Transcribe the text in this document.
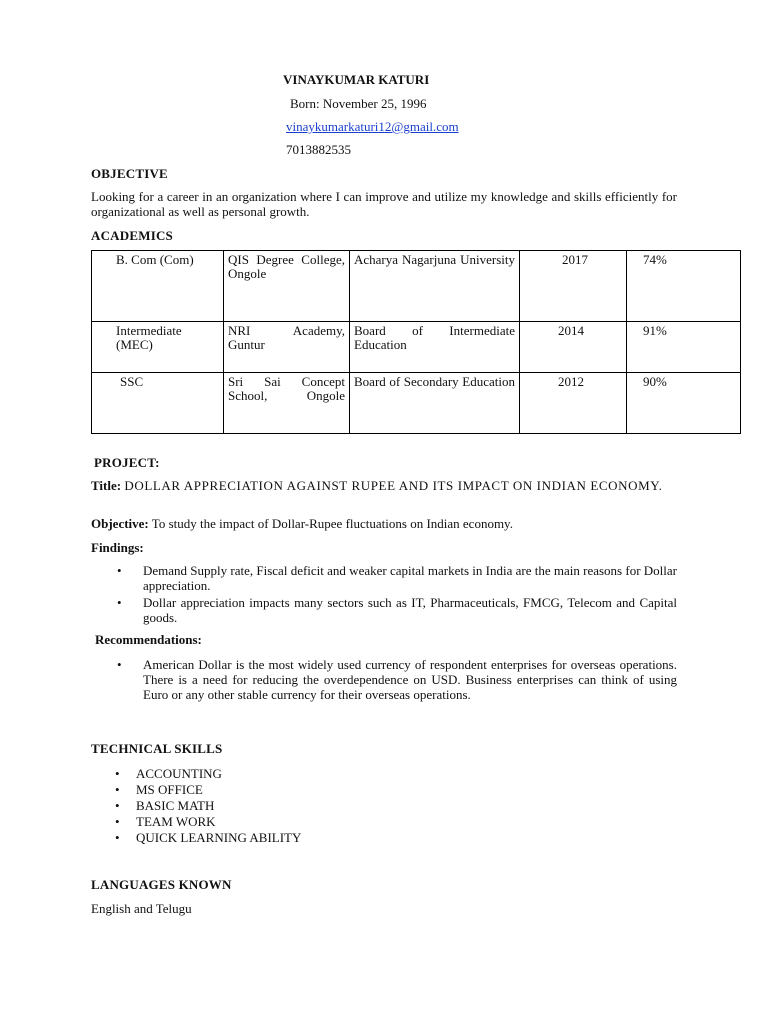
VINAYKUMAR KATURI
Born: November 25, 1996
vinaykumarkaturi12@gmail.com
7013882535
OBJECTIVE
Looking for a career in an organization where I can improve and utilize my knowledge and skills efficiently for organizational as well as personal growth.
ACADEMICS
B. Com (Com)	QIS Degree College, Ongole	Acharya Nagarjuna University	2017	74%
Intermediate (MEC)	NRI Academy, Guntur	Board of Intermediate Education	2014	91%
SSC	Sri Sai Concept School, Ongole	Board of Secondary Education	2012	90%
PROJECT:
Title: DOLLAR APPRECIATION AGAINST RUPEE AND ITS IMPACT ON INDIAN ECONOMY.
Objective: To study the impact of Dollar-Rupee fluctuations on Indian economy.
Findings:
• Demand Supply rate, Fiscal deficit and weaker capital markets in India are the main reasons for Dollar appreciation.
• Dollar appreciation impacts many sectors such as IT, Pharmaceuticals, FMCG, Telecom and Capital goods.
Recommendations:
• American Dollar is the most widely used currency of respondent enterprises for overseas operations. There is a need for reducing the overdependence on USD. Business enterprises can think of using Euro or any other stable currency for their overseas operations.
TECHNICAL SKILLS
• ACCOUNTING
• MS OFFICE
• BASIC MATH
• TEAM WORK
• QUICK LEARNING ABILITY
LANGUAGES KNOWN
English and Telugu
